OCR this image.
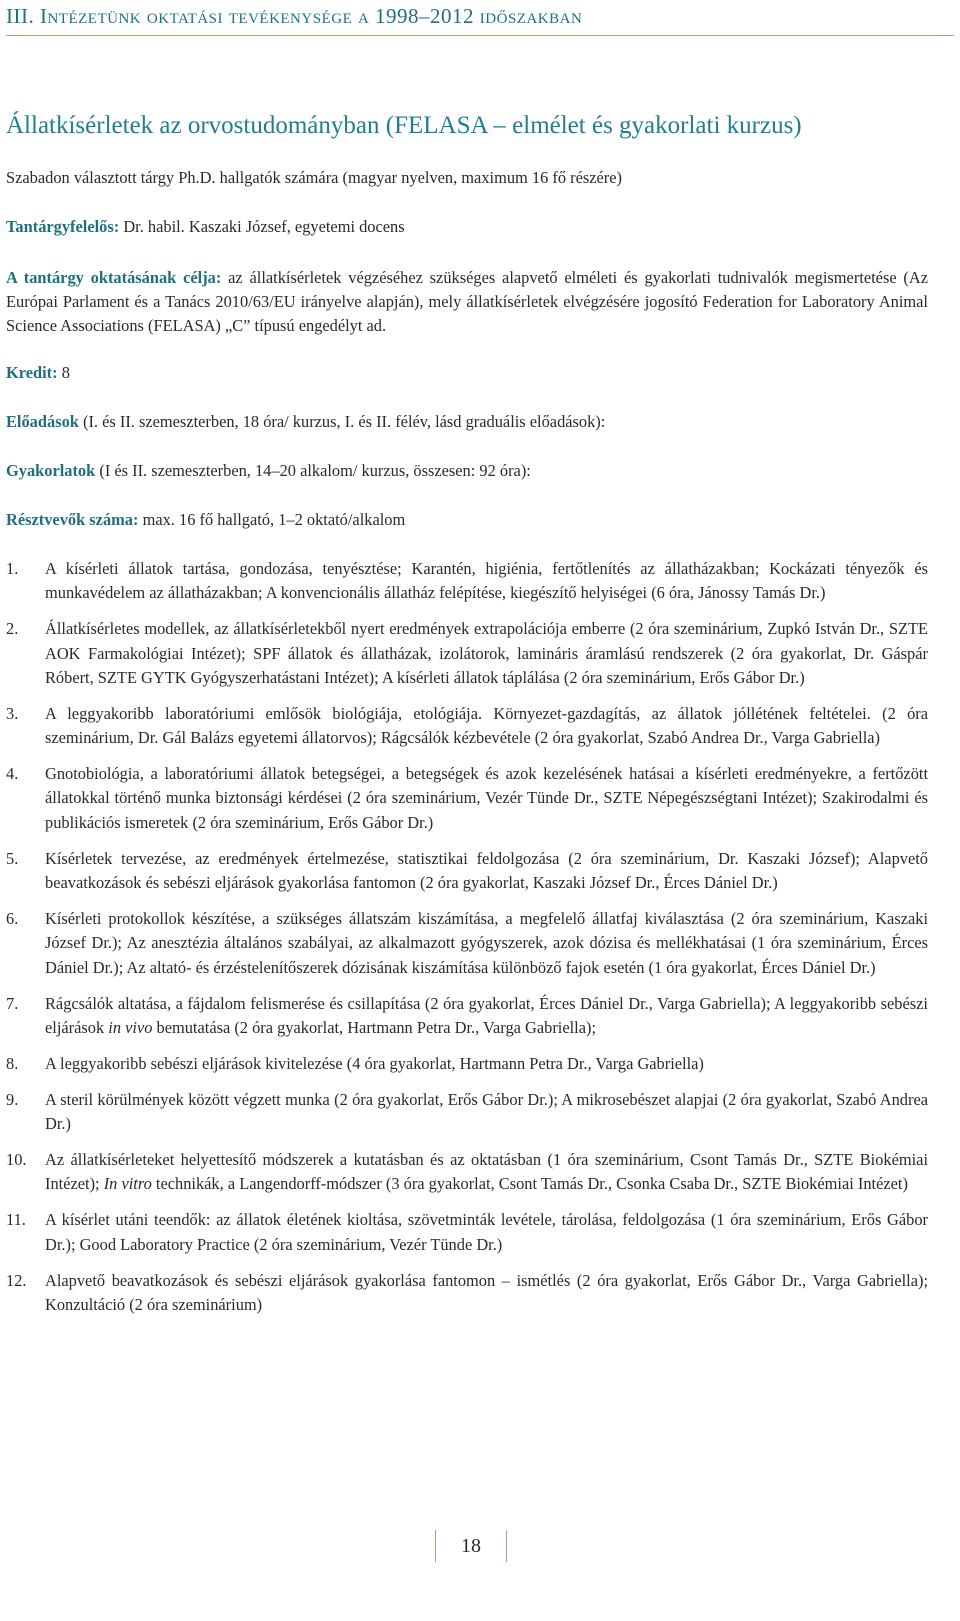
III. Intézetünk oktatási tevékenysége a 1998–2012 időszakban
Állatkísérletek az orvostudományban (FELASA – elmélet és gyakorlati kurzus)
Szabadon választott tárgy Ph.D. hallgatók számára (magyar nyelven, maximum 16 fő részére)
Tantárgyfelelős: Dr. habil. Kaszaki József, egyetemi docens
A tantárgy oktatásának célja: az állatkísérletek végzéséhez szükséges alapvető elméleti és gyakorlati tudnivalók megismertetése (Az Európai Parlament és a Tanács 2010/63/EU irányelve alapján), mely állatkísérletek elvégzésére jogosító Federation for Laboratory Animal Science Associations (FELASA) „C” típusú engedélyt ad.
Kredit: 8
Előadások (I. és II. szemeszterben, 18 óra/ kurzus, I. és II. félév, lásd graduális előadások):
Gyakorlatok (I és II. szemeszterben, 14–20 alkalom/ kurzus, összesen: 92 óra):
Résztvevők száma: max. 16 fő hallgató, 1–2 oktató/alkalom
1. A kísérleti állatok tartása, gondozása, tenyésztése; Karantén, higiénia, fertőtlenítés az állatházakban; Kockázati tényezők és munkavédelem az állatházakban; A konvencionális állatház felépítése, kiegészítő helyiségei (6 óra, Jánossy Tamás Dr.)
2. Állatkísérletes modellek, az állatkísérletekből nyert eredmények extrapolációja emberre (2 óra szeminárium, Zupkó István Dr., SZTE AOK Farmakológiai Intézet); SPF állatok és állatházak, izolátorok, lamináris áramlású rendszerek (2 óra gyakorlat, Dr. Gáspár Róbert, SZTE GYTK Gyógyszerhatástani Intézet); A kísérleti állatok táplálása (2 óra szeminárium, Erős Gábor Dr.)
3. A leggyakoribb laboratóriumi emlősök biológiája, etológiája. Környezet-gazdagítás, az állatok jóllétének feltételei. (2 óra szeminárium, Dr. Gál Balázs egyetemi állatorvos); Rágcsálók kézbevétele (2 óra gyakorlat, Szabó Andrea Dr., Varga Gabriella)
4. Gnotobiológia, a laboratóriumi állatok betegségei, a betegségek és azok kezelésének hatásai a kísérleti eredményekre, a fertőzött állatokkal történő munka biztonsági kérdései (2 óra szeminárium, Vezér Tünde Dr., SZTE Népegészségtani Intézet); Szakirodalmi és publikációs ismeretek (2 óra szeminárium, Erős Gábor Dr.)
5. Kísérletek tervezése, az eredmények értelmezése, statisztikai feldolgozása (2 óra szeminárium, Dr. Kaszaki József); Alapvető beavatkozások és sebészi eljárások gyakorlása fantomon (2 óra gyakorlat, Kaszaki József Dr., Érces Dániel Dr.)
6. Kísérleti protokollok készítése, a szükséges állatszám kiszámítása, a megfelelő állatfaj kiválasztása (2 óra szeminárium, Kaszaki József Dr.); Az anesztézia általános szabályai, az alkalmazott gyógyszerek, azok dózisa és mellékhatásai (1 óra szeminárium, Érces Dániel Dr.); Az altató- és érzéstelenítőszerek dózisának kiszámítása különböző fajok esetén (1 óra gyakorlat, Érces Dániel Dr.)
7. Rágcsálók altatása, a fájdalom felismerése és csillapítása (2 óra gyakorlat, Érces Dániel Dr., Varga Gabriella); A leggyakoribb sebészi eljárások in vivo bemutatása (2 óra gyakorlat, Hartmann Petra Dr., Varga Gabriella);
8. A leggyakoribb sebészi eljárások kivitelezése (4 óra gyakorlat, Hartmann Petra Dr., Varga Gabriella)
9. A steril körülmények között végzett munka (2 óra gyakorlat, Erős Gábor Dr.); A mikrosebészet alapjai (2 óra gyakorlat, Szabó Andrea Dr.)
10. Az állatkísérleteket helyettesítő módszerek a kutatásban és az oktatásban (1 óra szeminárium, Csont Tamás Dr., SZTE Biokémiai Intézet); In vitro technikák, a Langendorff-módszer (3 óra gyakorlat, Csont Tamás Dr., Csonka Csaba Dr., SZTE Biokémiai Intézet)
11. A kísérlet utáni teendők: az állatok életének kioltása, szövetminták levétele, tárolása, feldolgozása (1 óra szeminárium, Erős Gábor Dr.); Good Laboratory Practice (2 óra szeminárium, Vezér Tünde Dr.)
12. Alapvető beavatkozások és sebészi eljárások gyakorlása fantomon – ismétlés (2 óra gyakorlat, Erős Gábor Dr., Varga Gabriella); Konzultáció (2 óra szeminárium)
18
